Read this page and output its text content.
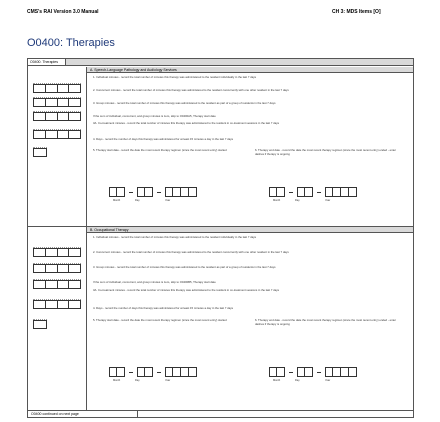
CMS's RAI Version 3.0 Manual	CH 3: MDS Items [O]
O0400: Therapies
O0400. Therapies
A. Speech-Language Pathology and Audiology Services
1. Individual minutes - record the total number of minutes this therapy was administered to the resident individually in the last 7 days
2. Concurrent minutes - record the total number of minutes this therapy was administered to the resident concurrently with one other resident in the last 7 days
3. Group minutes - record the total number of minutes this therapy was administered to the resident as part of a group of residents in the last 7 days
If the sum of individual, concurrent, and group minutes is zero, skip to O0400A5, Therapy start date
3A. Co-treatment minutes - record the total number of minutes this therapy was administered to the resident in co-treatment sessions in the last 7 days
4. Days - record the number of days this therapy was administered for at least 15 minutes a day in the last 7 days
5. Therapy start date - record the date the most recent therapy regimen (since the most recent entry) started	6. Therapy end date - record the date the most recent therapy regimen (since the most recent entry) ended - enter dashes if therapy is ongoing
Month	Day	Year	Month	Day	Year
B. Occupational Therapy
1. Individual minutes - record the total number of minutes this therapy was administered to the resident individually in the last 7 days
2. Concurrent minutes - record the total number of minutes this therapy was administered to the resident concurrently with one other resident in the last 7 days
3. Group minutes - record the total number of minutes this therapy was administered to the resident as part of a group of residents in the last 7 days
If the sum of individual, concurrent, and group minutes is zero, skip to O0400B5, Therapy start date
3A. Co-treatment minutes - record the total number of minutes this therapy was administered to the resident in co-treatment sessions in the last 7 days
4. Days - record the number of days this therapy was administered for at least 15 minutes a day in the last 7 days
5. Therapy start date - record the date the most recent therapy regimen (since the most recent entry) started	6. Therapy end date - record the date the most recent therapy regimen (since the most recent entry) ended - enter dashes if therapy is ongoing
Month	Day	Year	Month	Day	Year
O0400 continued on next page
